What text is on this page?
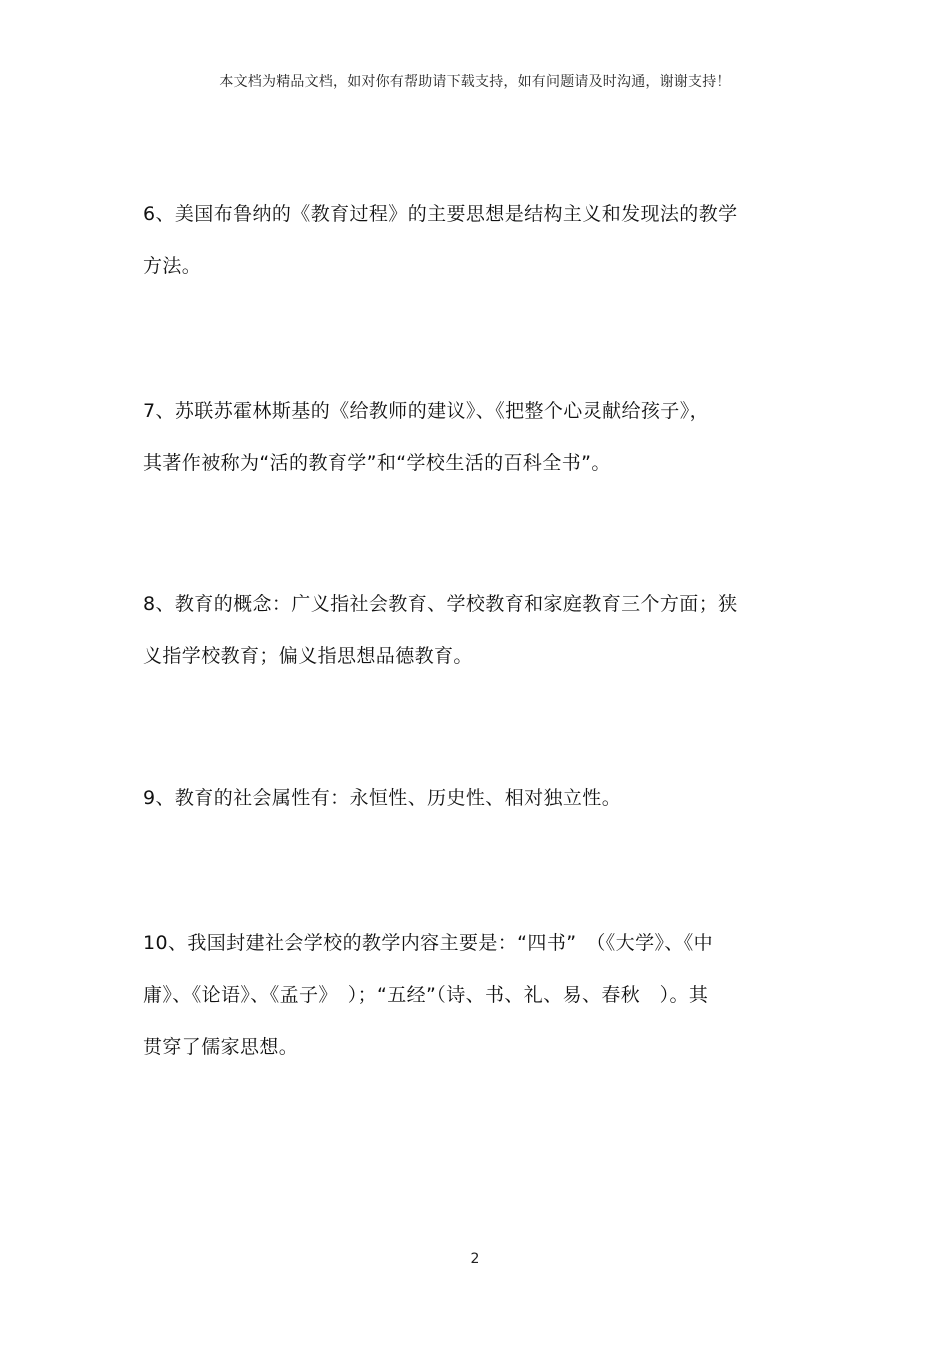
本文档为精品文档，如对你有帮助请下载支持，如有问题请及时沟通，谢谢支持！
6、美国布鲁纳的《教育过程》的主要思想是结构主义和发现法的教学
方法。
7、苏联苏霍林斯基的《给教师的建议》、《把整个心灵献给孩子》，
其著作被称为“活的教育学”和“学校生活的百科全书”。
8、教育的概念：广义指社会教育、学校教育和家庭教育三个方面；狭
义指学校教育；偏义指思想品德教育。
9、教育的社会属性有：永恒性、历史性、相对独立性。
10、我国封建社会学校的教学内容主要是：“四书”　（《大学》、《中
庸》、《论语》、《孟子》　）；“五经”（诗、书、礼、易、春秋　）。其
贯穿了儒家思想。
2
